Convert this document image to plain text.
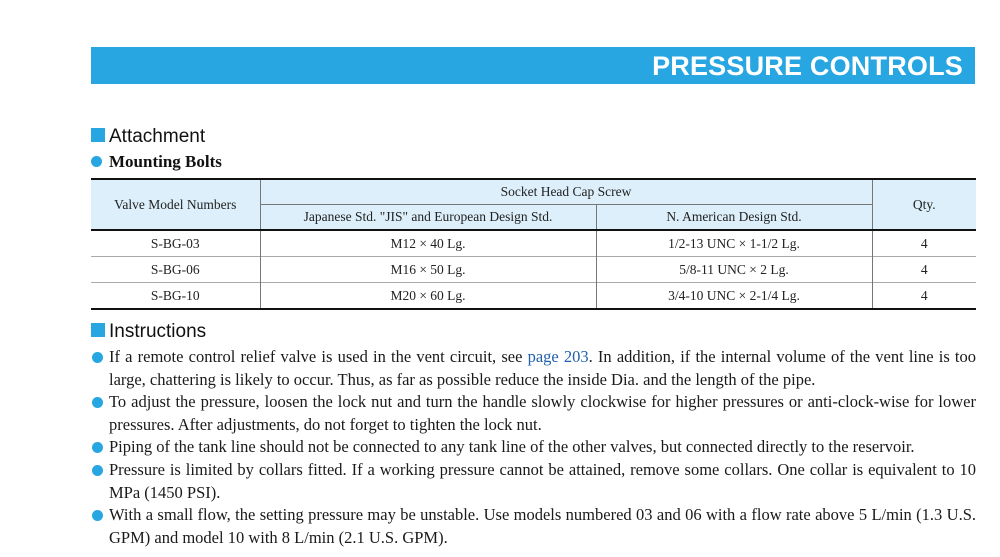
PRESSURE CONTROLS
Attachment
Mounting Bolts
Valve Model Numbers	Socket Head Cap Screw		Qty.
	Japanese Std. "JIS" and European Design Std.	N. American Design Std.	
S-BG-03	M12 × 40 Lg.	1/2-13 UNC × 1-1/2 Lg.	4
S-BG-06	M16 × 50 Lg.	5/8-11 UNC × 2 Lg.	4
S-BG-10	M20 × 60 Lg.	3/4-10 UNC × 2-1/4 Lg.	4
Instructions
If a remote control relief valve is used in the vent circuit, see page 203. In addition, if the internal volume of the vent line is too large, chattering is likely to occur. Thus, as far as possible reduce the inside Dia. and the length of the pipe.
To adjust the pressure, loosen the lock nut and turn the handle slowly clockwise for higher pressures or anti-clock-wise for lower pressures. After adjustments, do not forget to tighten the lock nut.
Piping of the tank line should not be connected to any tank line of the other valves, but connected directly to the reservoir.
Pressure is limited by collars fitted. If a working pressure cannot be attained, remove some collars. One collar is equivalent to 10 MPa (1450 PSI).
With a small flow, the setting pressure may be unstable. Use models numbered 03 and 06 with a flow rate above 5 L/min (1.3 U.S. GPM) and model 10 with 8 L/min (2.1 U.S. GPM).
